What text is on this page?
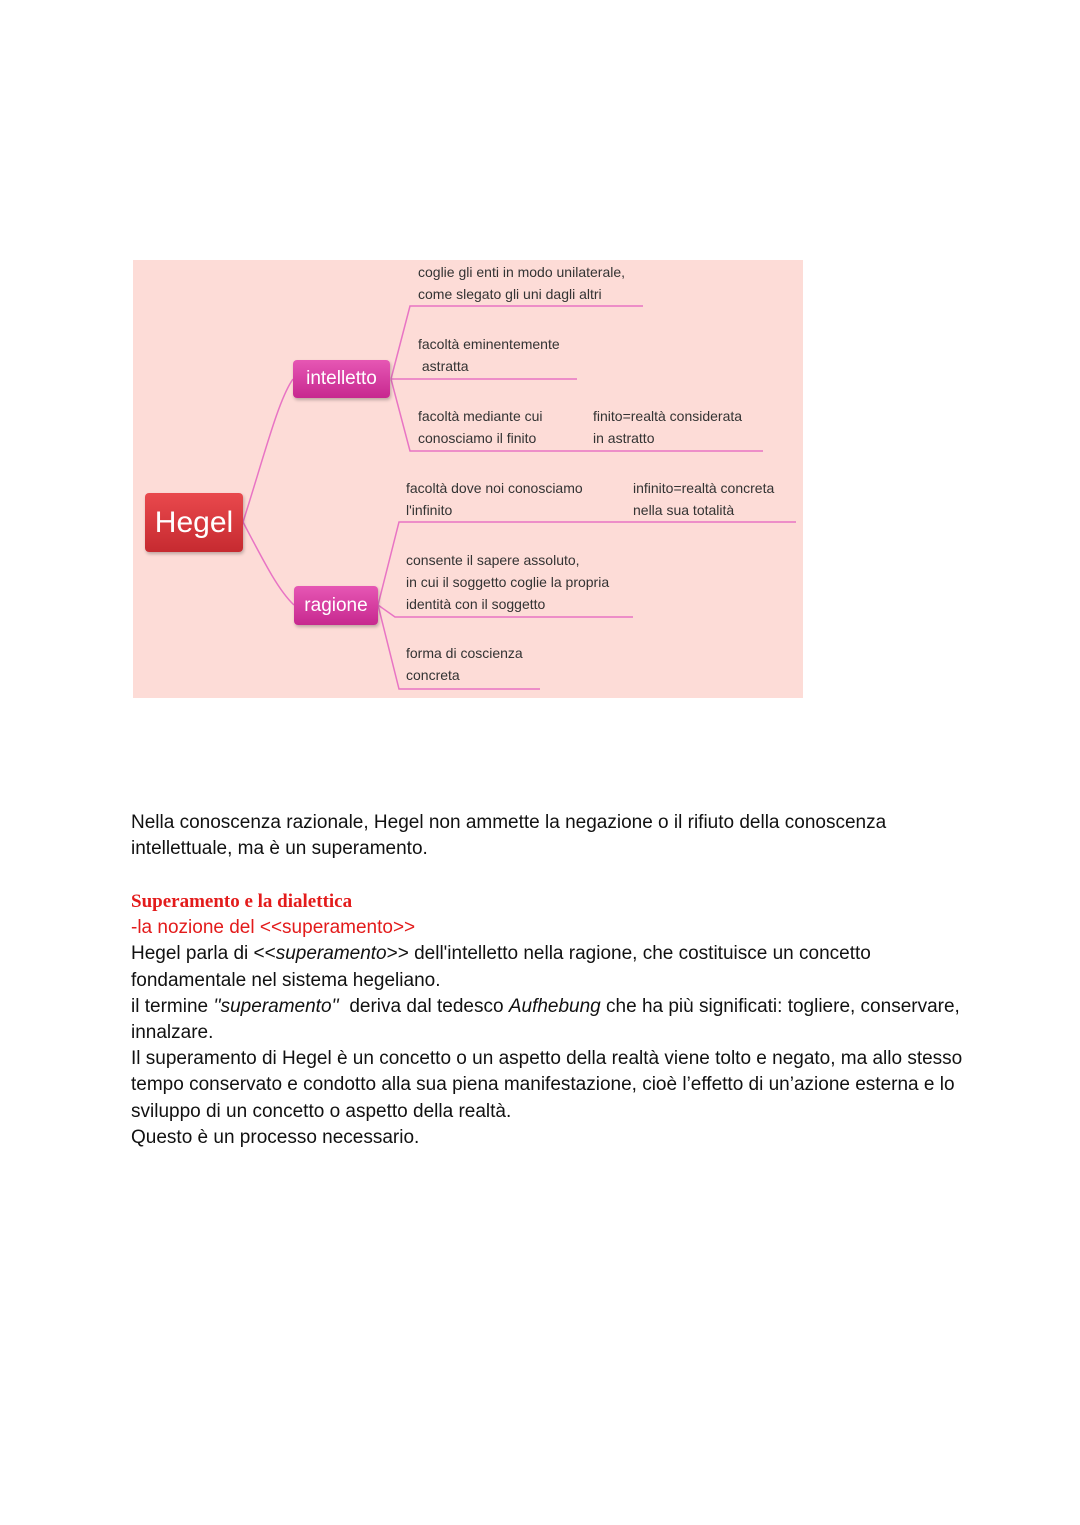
Hegel
intelletto
ragione
coglie gli enti in modo unilaterale,
come slegato gli uni dagli altri
facoltà eminentemente
astratta
facoltà mediante cui
conosciamo il finito
finito=realtà considerata
in astratto
facoltà dove noi conosciamo
l'infinito
infinito=realtà concreta
nella sua totalità
consente il sapere assoluto,
in cui il soggetto coglie la propria
identità con il soggetto
forma di coscienza
concreta

Nella conoscenza razionale, Hegel non ammette la negazione o il rifiuto della conoscenza intellettuale, ma è un superamento.

Superamento e la dialettica

-la nozione del <<superamento>>

Hegel parla di <<superamento>> dell'intelletto nella ragione, che costituisce un concetto fondamentale nel sistema hegeliano.

il termine ''superamento''  deriva dal tedesco Aufhebung che ha più significati: togliere, conservare, innalzare.

Il superamento di Hegel è un concetto o un aspetto della realtà viene tolto e negato, ma allo stesso tempo conservato e condotto alla sua piena manifestazione, cioè l’effetto di un’azione esterna e lo sviluppo di un concetto o aspetto della realtà.

Questo è un processo necessario.
